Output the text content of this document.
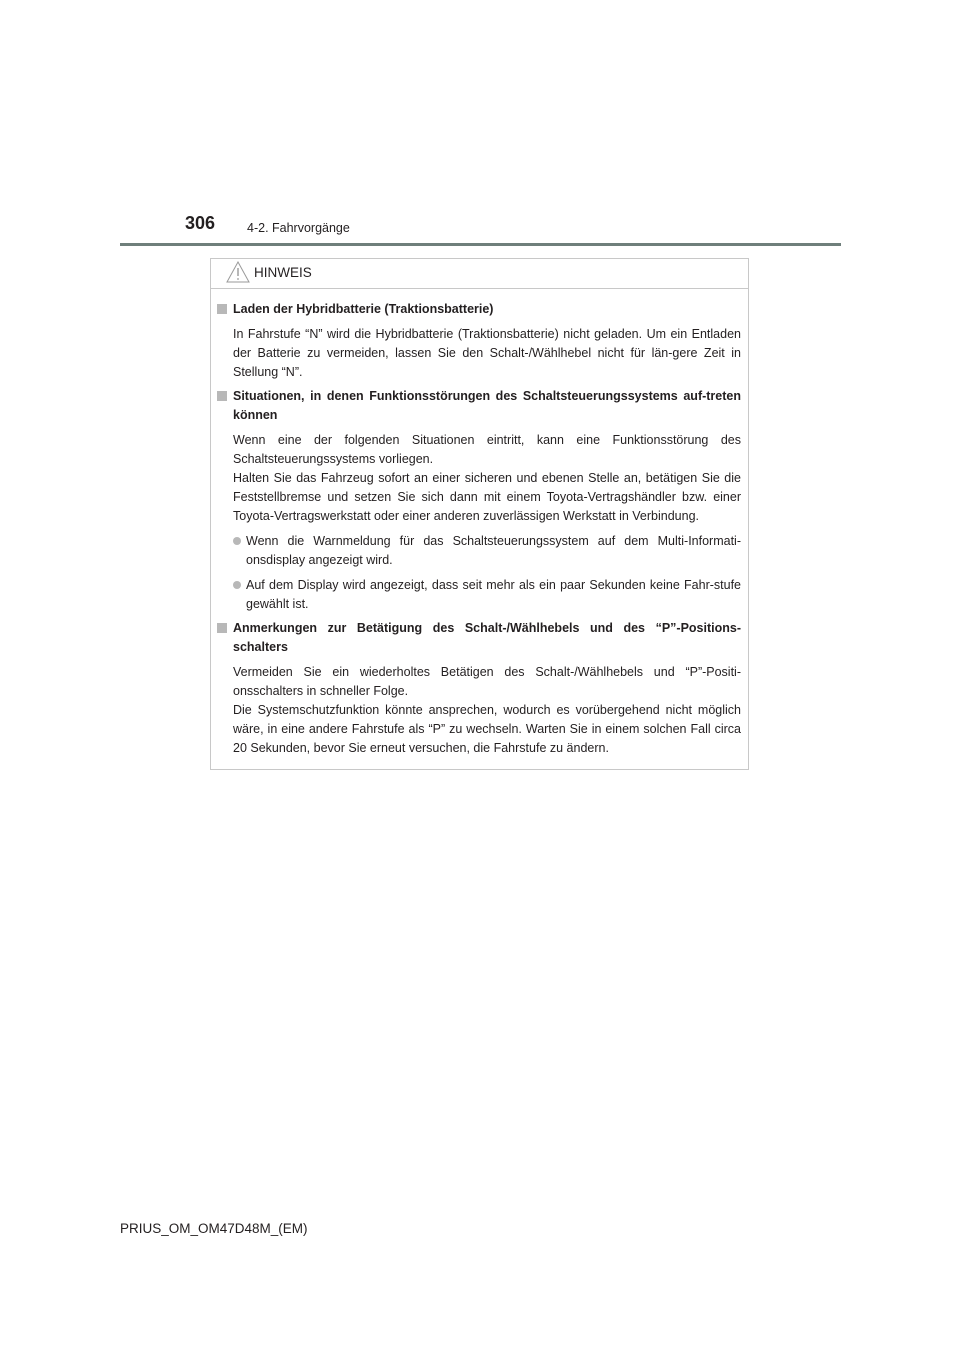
306	4-2. Fahrvorgänge
HINWEIS
Laden der Hybridbatterie (Traktionsbatterie)
In Fahrstufe “N” wird die Hybridbatterie (Traktionsbatterie) nicht geladen. Um ein Entladen der Batterie zu vermeiden, lassen Sie den Schalt-/Wählhebel nicht für län-gere Zeit in Stellung “N”.
Situationen, in denen Funktionsstörungen des Schaltsteuerungssystems auf-treten können
Wenn eine der folgenden Situationen eintritt, kann eine Funktionsstörung des Schaltsteuerungssystems vorliegen.
Halten Sie das Fahrzeug sofort an einer sicheren und ebenen Stelle an, betätigen Sie die Feststellbremse und setzen Sie sich dann mit einem Toyota-Vertragshändler bzw. einer Toyota-Vertragswerkstatt oder einer anderen zuverlässigen Werkstatt in Verbindung.
Wenn die Warnmeldung für das Schaltsteuerungssystem auf dem Multi-Informati-onsdisplay angezeigt wird.
Auf dem Display wird angezeigt, dass seit mehr als ein paar Sekunden keine Fahr-stufe gewählt ist.
Anmerkungen zur Betätigung des Schalt-/Wählhebels und des “P”-Positions-schalters
Vermeiden Sie ein wiederholtes Betätigen des Schalt-/Wählhebels und “P”-Positi-onsschalters in schneller Folge.
Die Systemschutzfunktion könnte ansprechen, wodurch es vorübergehend nicht möglich wäre, in eine andere Fahrstufe als “P” zu wechseln. Warten Sie in einem solchen Fall circa 20 Sekunden, bevor Sie erneut versuchen, die Fahrstufe zu ändern.
PRIUS_OM_OM47D48M_(EM)
